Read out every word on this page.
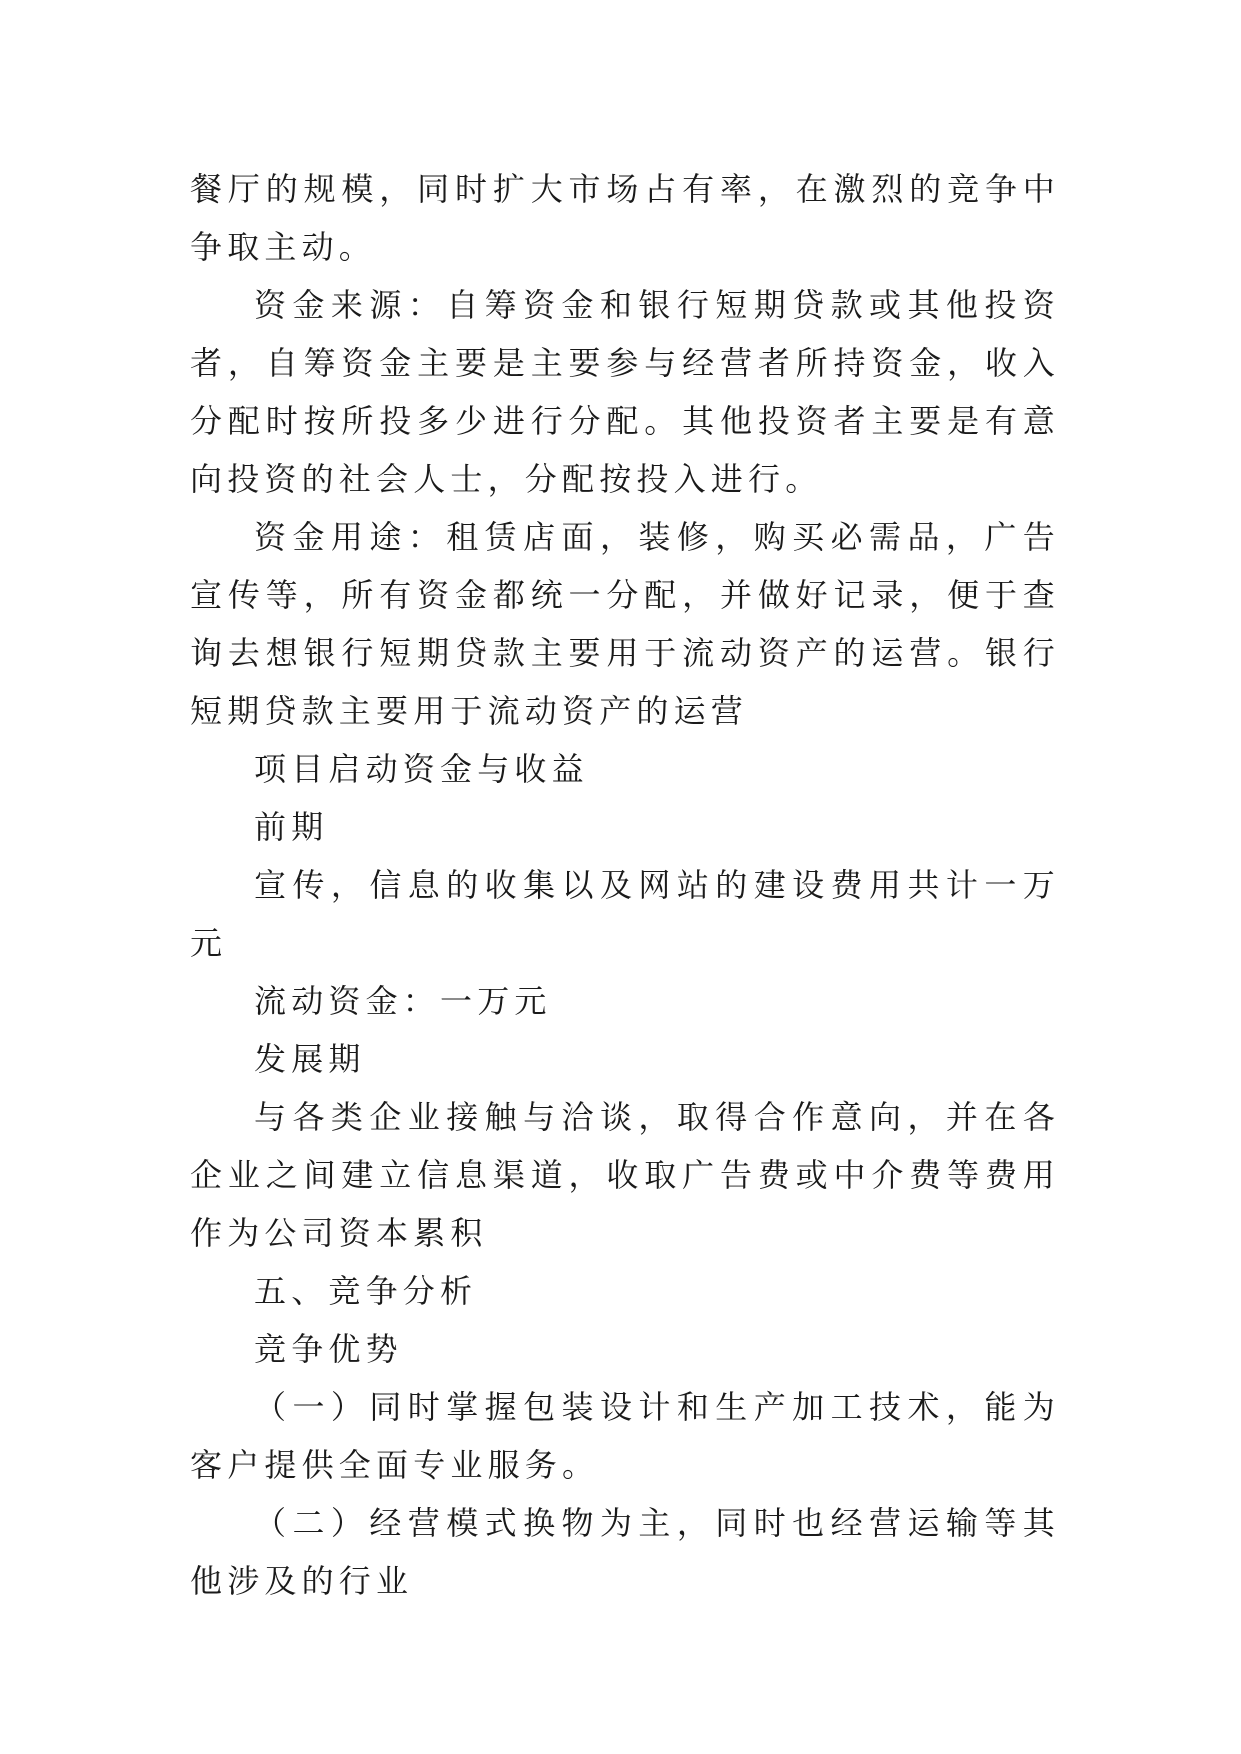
餐厅的规模，同时扩大市场占有率，在激烈的竞争中争取主动。

资金来源：自筹资金和银行短期贷款或其他投资者，自筹资金主要是主要参与经营者所持资金，收入分配时按所投多少进行分配。其他投资者主要是有意向投资的社会人士，分配按投入进行。

资金用途：租赁店面，装修，购买必需品，广告宣传等，所有资金都统一分配，并做好记录，便于查询去想银行短期贷款主要用于流动资产的运营。银行短期贷款主要用于流动资产的运营

项目启动资金与收益

前期

宣传，信息的收集以及网站的建设费用共计一万元

流动资金：一万元

发展期

与各类企业接触与洽谈，取得合作意向，并在各企业之间建立信息渠道，收取广告费或中介费等费用作为公司资本累积

五、竞争分析

竞争优势

（一）同时掌握包装设计和生产加工技术，能为客户提供全面专业服务。

（二）经营模式换物为主，同时也经营运输等其他涉及的行业
